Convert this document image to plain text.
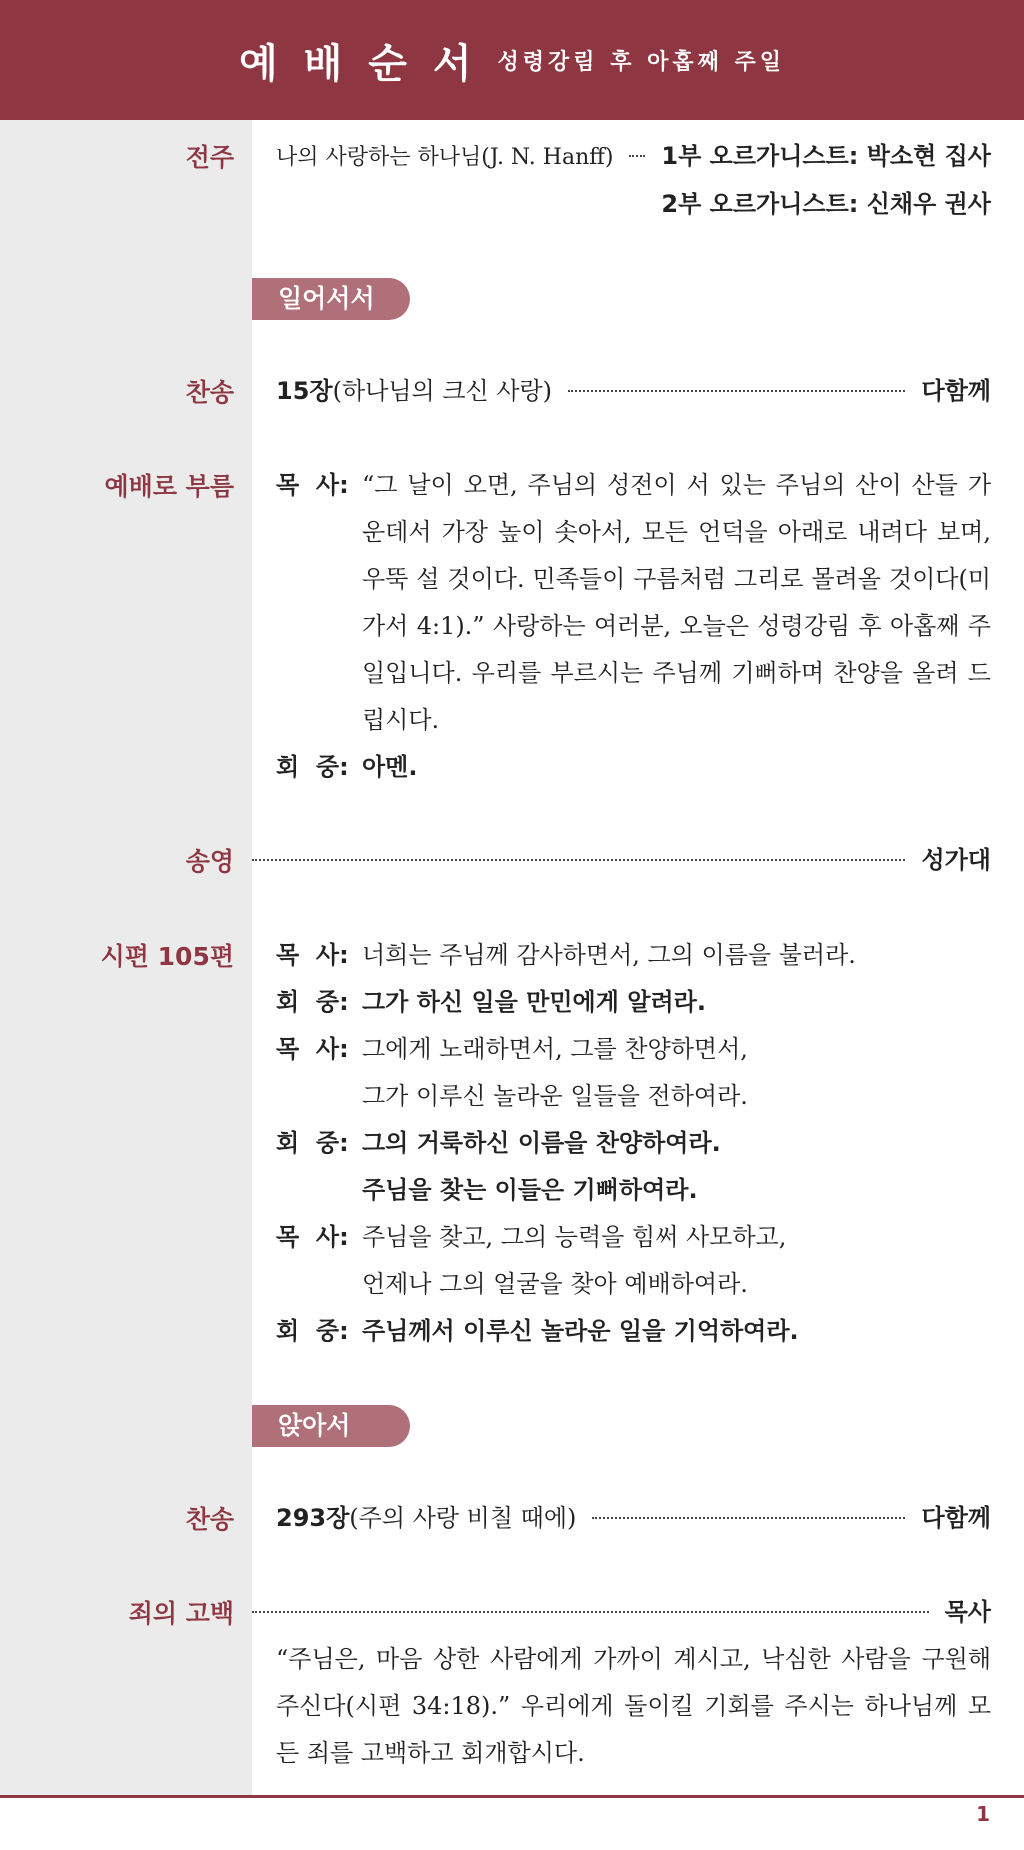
예배순서 성령강림 후 아홉째 주일
전주 나의 사랑하는 하나님(J. N. Hanff) 1부 오르가니스트: 박소현 집사
2부 오르가니스트: 신채우 권사
일어서서
찬송 15장 (하나님의 크신 사랑)	다함께
예배로 부름 목  사: “그 날이 오면, 주님의 성전이 서 있는 주님의 산이 산들 가운데서 가장 높이 솟아서, 모든 언덕을 아래로 내려다 보며, 우뚝 설 것이다. 민족들이 구름처럼 그리로 몰려올 것이다(미가서 4:1).” 사랑하는 여러분, 오늘은 성령강림 후 아홉째 주일입니다. 우리를 부르시는 주님께 기뻐하며 찬양을 올려 드립시다.
회  중: 아멘.
송영	성가대
시편 105편 목  사: 너희는 주님께 감사하면서, 그의 이름을 불러라.
회  중: 그가 하신 일을 만민에게 알려라.
목  사: 그에게 노래하면서, 그를 찬양하면서,
그가 이루신 놀라운 일들을 전하여라.
회  중: 그의 거룩하신 이름을 찬양하여라.
주님을 찾는 이들은 기뻐하여라.
목  사: 주님을 찾고, 그의 능력을 힘써 사모하고,
언제나 그의 얼굴을 찾아 예배하여라.
회  중: 주님께서 이루신 놀라운 일을 기억하여라.
앉아서
찬송 293장 (주의 사랑 비칠 때에)	다함께
죄의 고백	목사
“주님은, 마음 상한 사람에게 가까이 계시고, 낙심한 사람을 구원해 주신다(시편 34:18).” 우리에게 돌이킬 기회를 주시는 하나님께 모든 죄를 고백하고 회개합시다.
1
